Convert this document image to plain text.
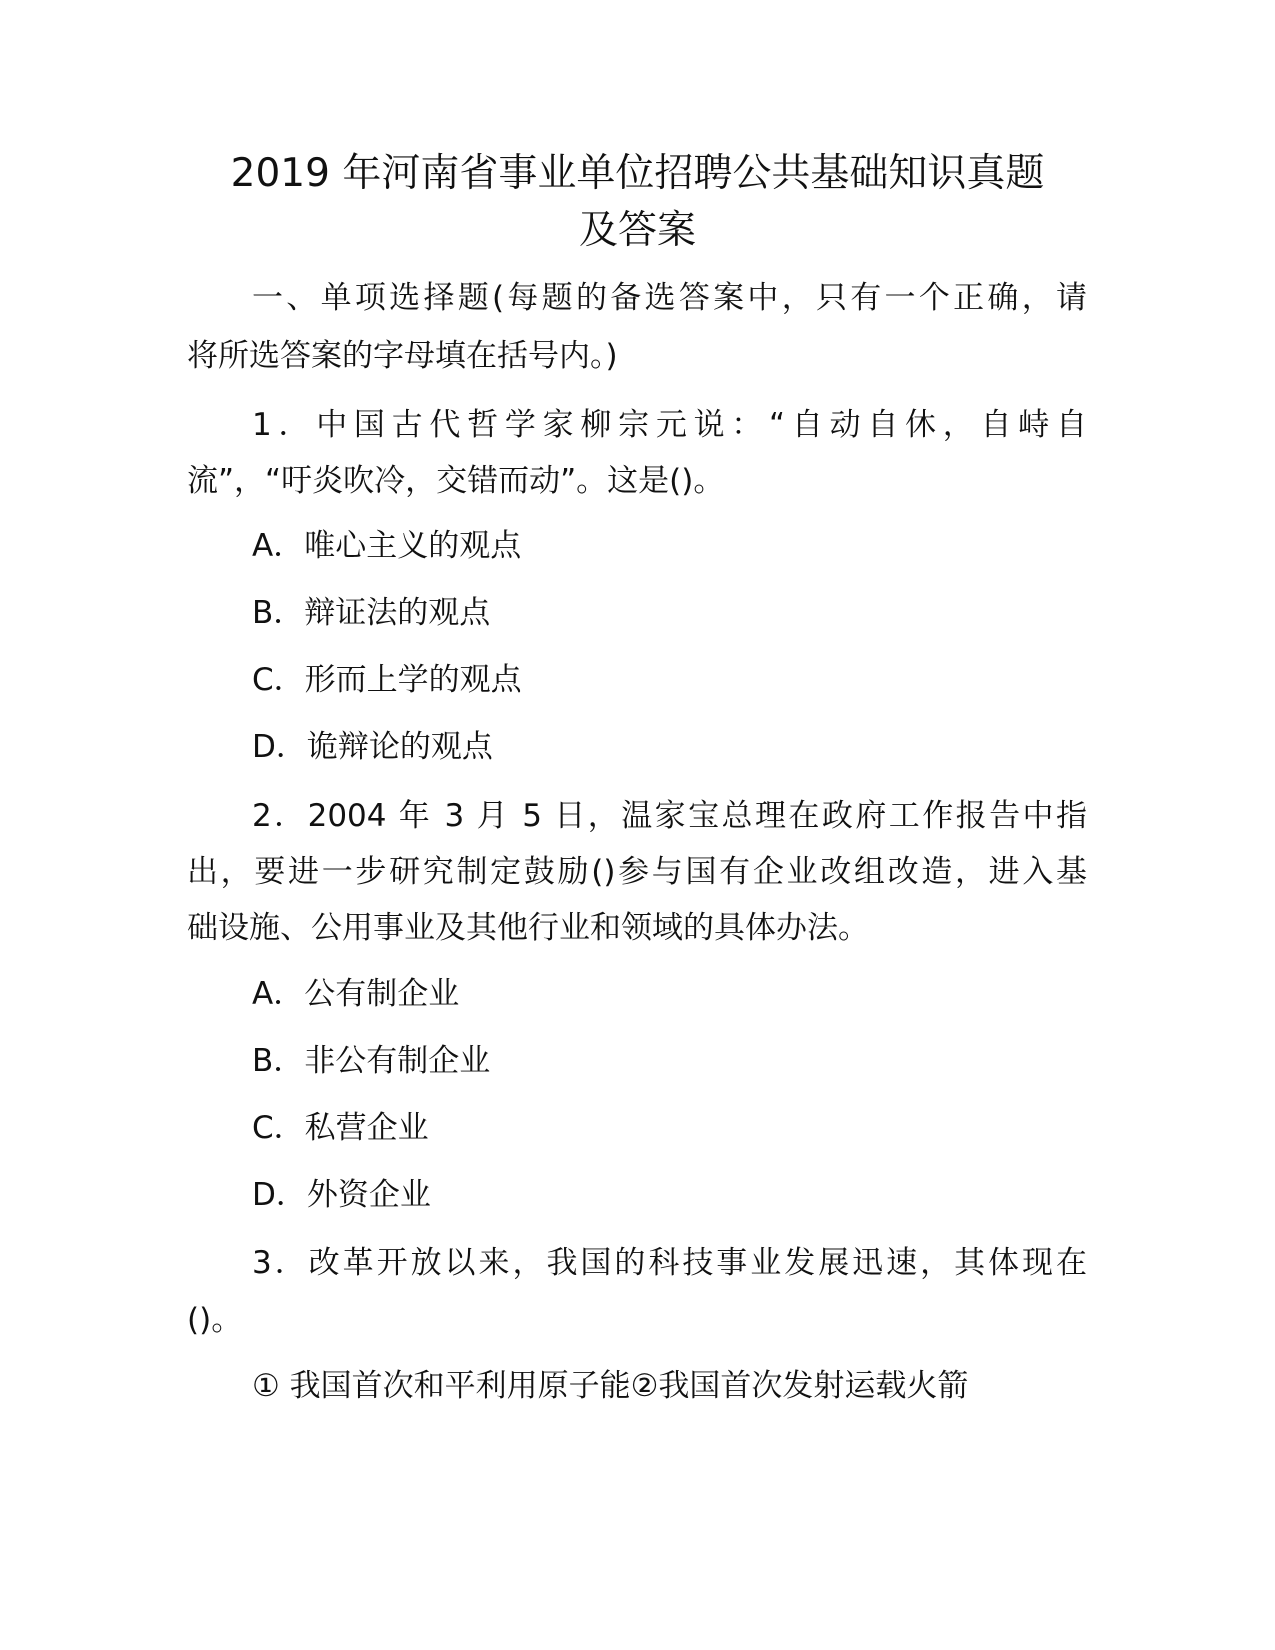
2019 年河南省事业单位招聘公共基础知识真题
及答案

一、单项选择题(每题的备选答案中，只有一个正确，请

将所选答案的字母填在括号内。)

1．中国古代哲学家柳宗元说：“自动自休，自峙自

流”，“吁炎吹冷，交错而动”。这是()。

A．唯心主义的观点

B．辩证法的观点

C．形而上学的观点

D．诡辩论的观点

2．2004 年 3 月 5 日，温家宝总理在政府工作报告中指

出，要进一步研究制定鼓励()参与国有企业改组改造，进入基

础设施、公用事业及其他行业和领域的具体办法。

A．公有制企业

B．非公有制企业

C．私营企业

D．外资企业

3．改革开放以来，我国的科技事业发展迅速，其体现在

()。

① 我国首次和平利用原子能②我国首次发射运载火箭
